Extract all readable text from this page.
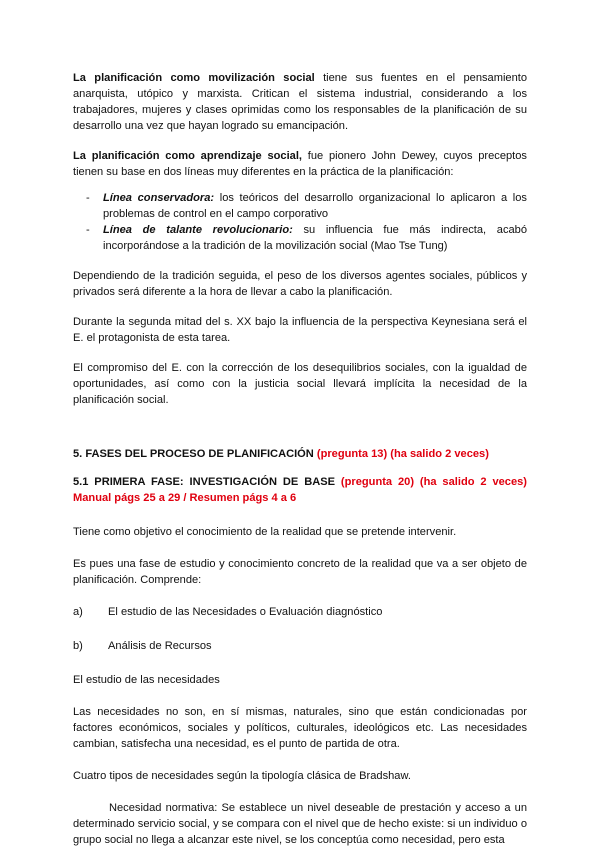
La planificación como movilización social tiene sus fuentes en el pensamiento anarquista, utópico y marxista. Critican el sistema industrial, considerando a los trabajadores, mujeres y clases oprimidas como los responsables de la planificación de su desarrollo una vez que hayan logrado su emancipación.

La planificación como aprendizaje social, fue pionero John Dewey, cuyos preceptos tienen su base en dos líneas muy diferentes en la práctica de la planificación:

- Línea conservadora: los teóricos del desarrollo organizacional lo aplicaron a los problemas de control en el campo corporativo
- Línea de talante revolucionario: su influencia fue más indirecta, acabó incorporándose a la tradición de la movilización social (Mao Tse Tung)

Dependiendo de la tradición seguida, el peso de los diversos agentes sociales, públicos y privados será diferente a la hora de llevar a cabo la planificación.

Durante la segunda mitad del s. XX bajo la influencia de la perspectiva Keynesiana será el E. el protagonista de esta tarea.

El compromiso del E. con la corrección de los desequilibrios sociales, con la igualdad de oportunidades, así como con la justicia social llevará implícita la necesidad de la planificación social.

5. FASES DEL PROCESO DE PLANIFICACIÓN (pregunta 13) (ha salido 2 veces)

5.1 PRIMERA FASE: INVESTIGACIÓN DE BASE (pregunta 20) (ha salido 2 veces) Manual págs 25 a 29 / Resumen págs 4 a 6

Tiene como objetivo el conocimiento de la realidad que se pretende intervenir.

Es pues una fase de estudio y conocimiento concreto de la realidad que va a ser objeto de planificación. Comprende:

a)	El estudio de las Necesidades o Evaluación diagnóstico
b)	Análisis de Recursos

El estudio de las necesidades

Las necesidades no son, en sí mismas, naturales, sino que están condicionadas por factores económicos, sociales y políticos, culturales, ideológicos etc. Las necesidades cambian, satisfecha una necesidad, es el punto de partida de otra.

Cuatro tipos de necesidades según la tipología clásica de Bradshaw.

Necesidad normativa: Se establece un nivel deseable de prestación y acceso a un determinado servicio social, y se compara con el nivel que de hecho existe: si un individuo o grupo social no llega a alcanzar este nivel, se los conceptúa como necesidad, pero esta
